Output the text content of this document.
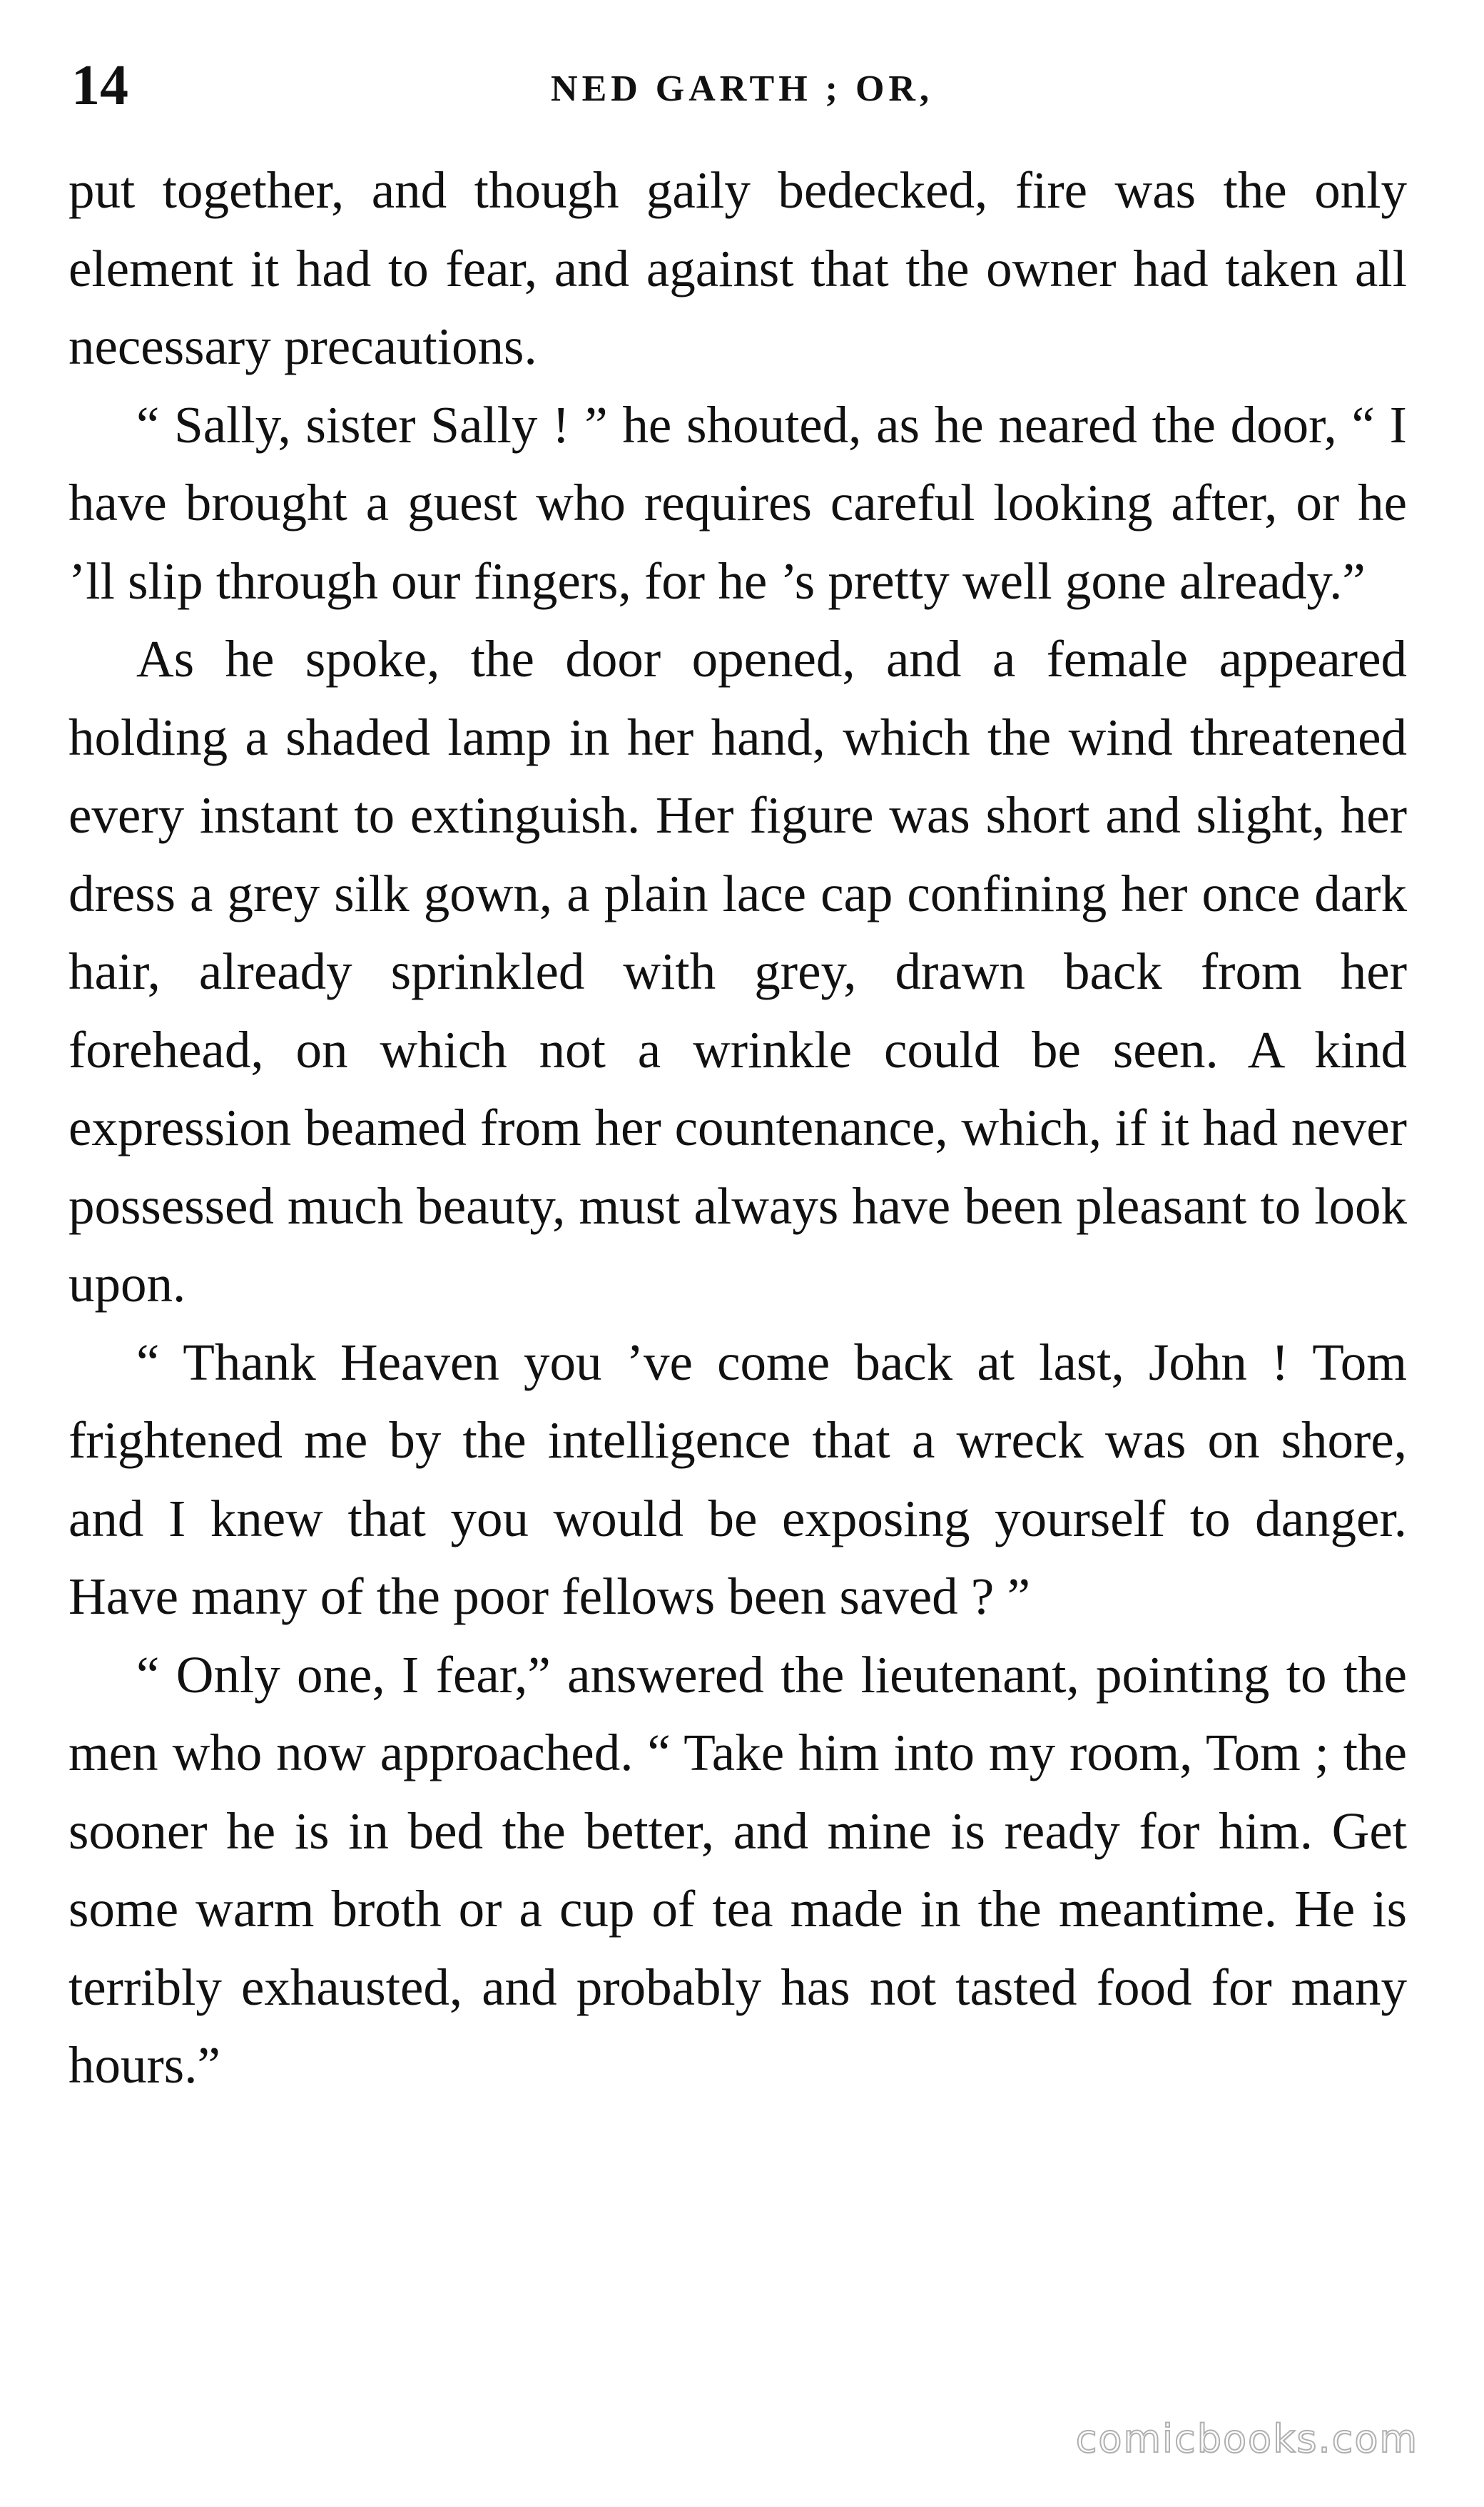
14	NED GARTH ; OR,

put together, and though gaily bedecked, fire was the only element it had to fear, and against that the owner had taken all necessary precautions.

“ Sally, sister Sally ! ” he shouted, as he neared the door, “ I have brought a guest who requires careful looking after, or he ’ll slip through our fingers, for he ’s pretty well gone already.”

As he spoke, the door opened, and a female appeared holding a shaded lamp in her hand, which the wind threatened every instant to extinguish. Her figure was short and slight, her dress a grey silk gown, a plain lace cap confining her once dark hair, already sprinkled with grey, drawn back from her forehead, on which not a wrinkle could be seen. A kind expression beamed from her countenance, which, if it had never possessed much beauty, must always have been pleasant to look upon.

“ Thank Heaven you ’ve come back at last, John ! Tom frightened me by the intelligence that a wreck was on shore, and I knew that you would be exposing yourself to danger. Have many of the poor fellows been saved ? ”

“ Only one, I fear,” answered the lieutenant, pointing to the men who now approached. “ Take him into my room, Tom ; the sooner he is in bed the better, and mine is ready for him. Get some warm broth or a cup of tea made in the meantime. He is terribly exhausted, and probably has not tasted food for many hours.”

comicbooks.com
